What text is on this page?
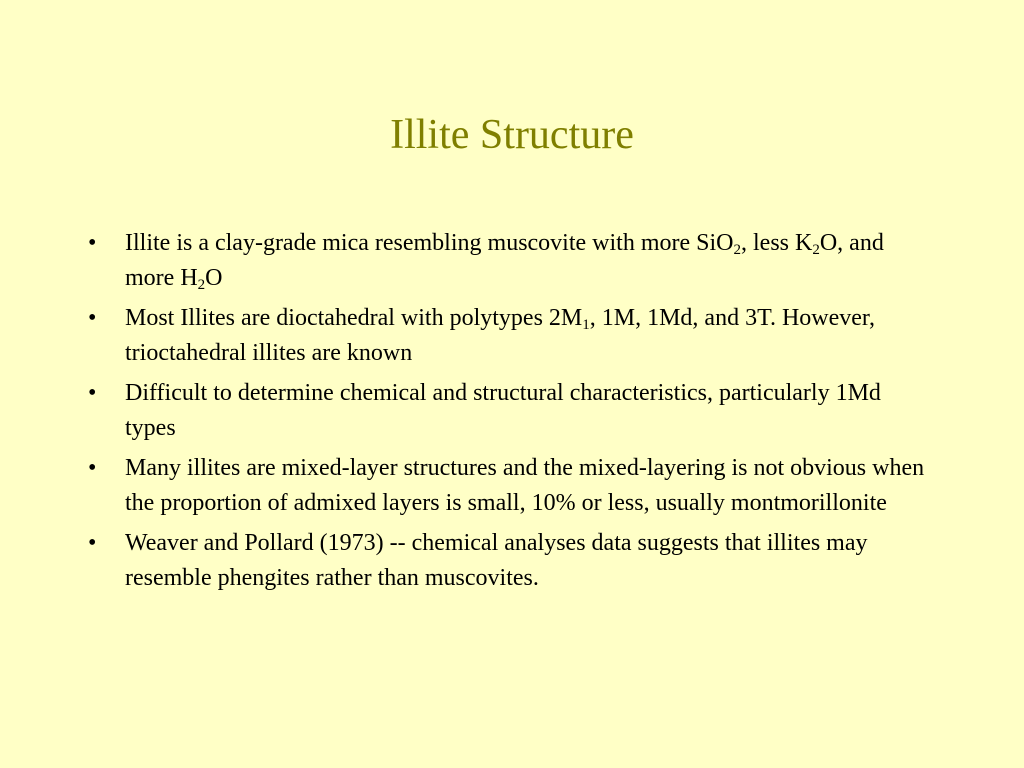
Illite Structure
• Illite is a clay-grade mica resembling muscovite with more SiO$_2$, less $K_2O$, and more $H_2O$
• Most Illites are dioctahedral with polytypes $2M_1$, 1M, 1Md, and 3T. However, trioctahedral illites are known
• Difficult to determine chemical and structural characteristics, particularly 1Md types
• Many illites are mixed-layer structures and the mixed-layering is not obvious when the proportion of admixed layers is small, 10% or less, usually montmorillonite
• Weaver and Pollard (1973) -- chemical analyses data suggests that illites may resemble phengites rather than muscovites.
